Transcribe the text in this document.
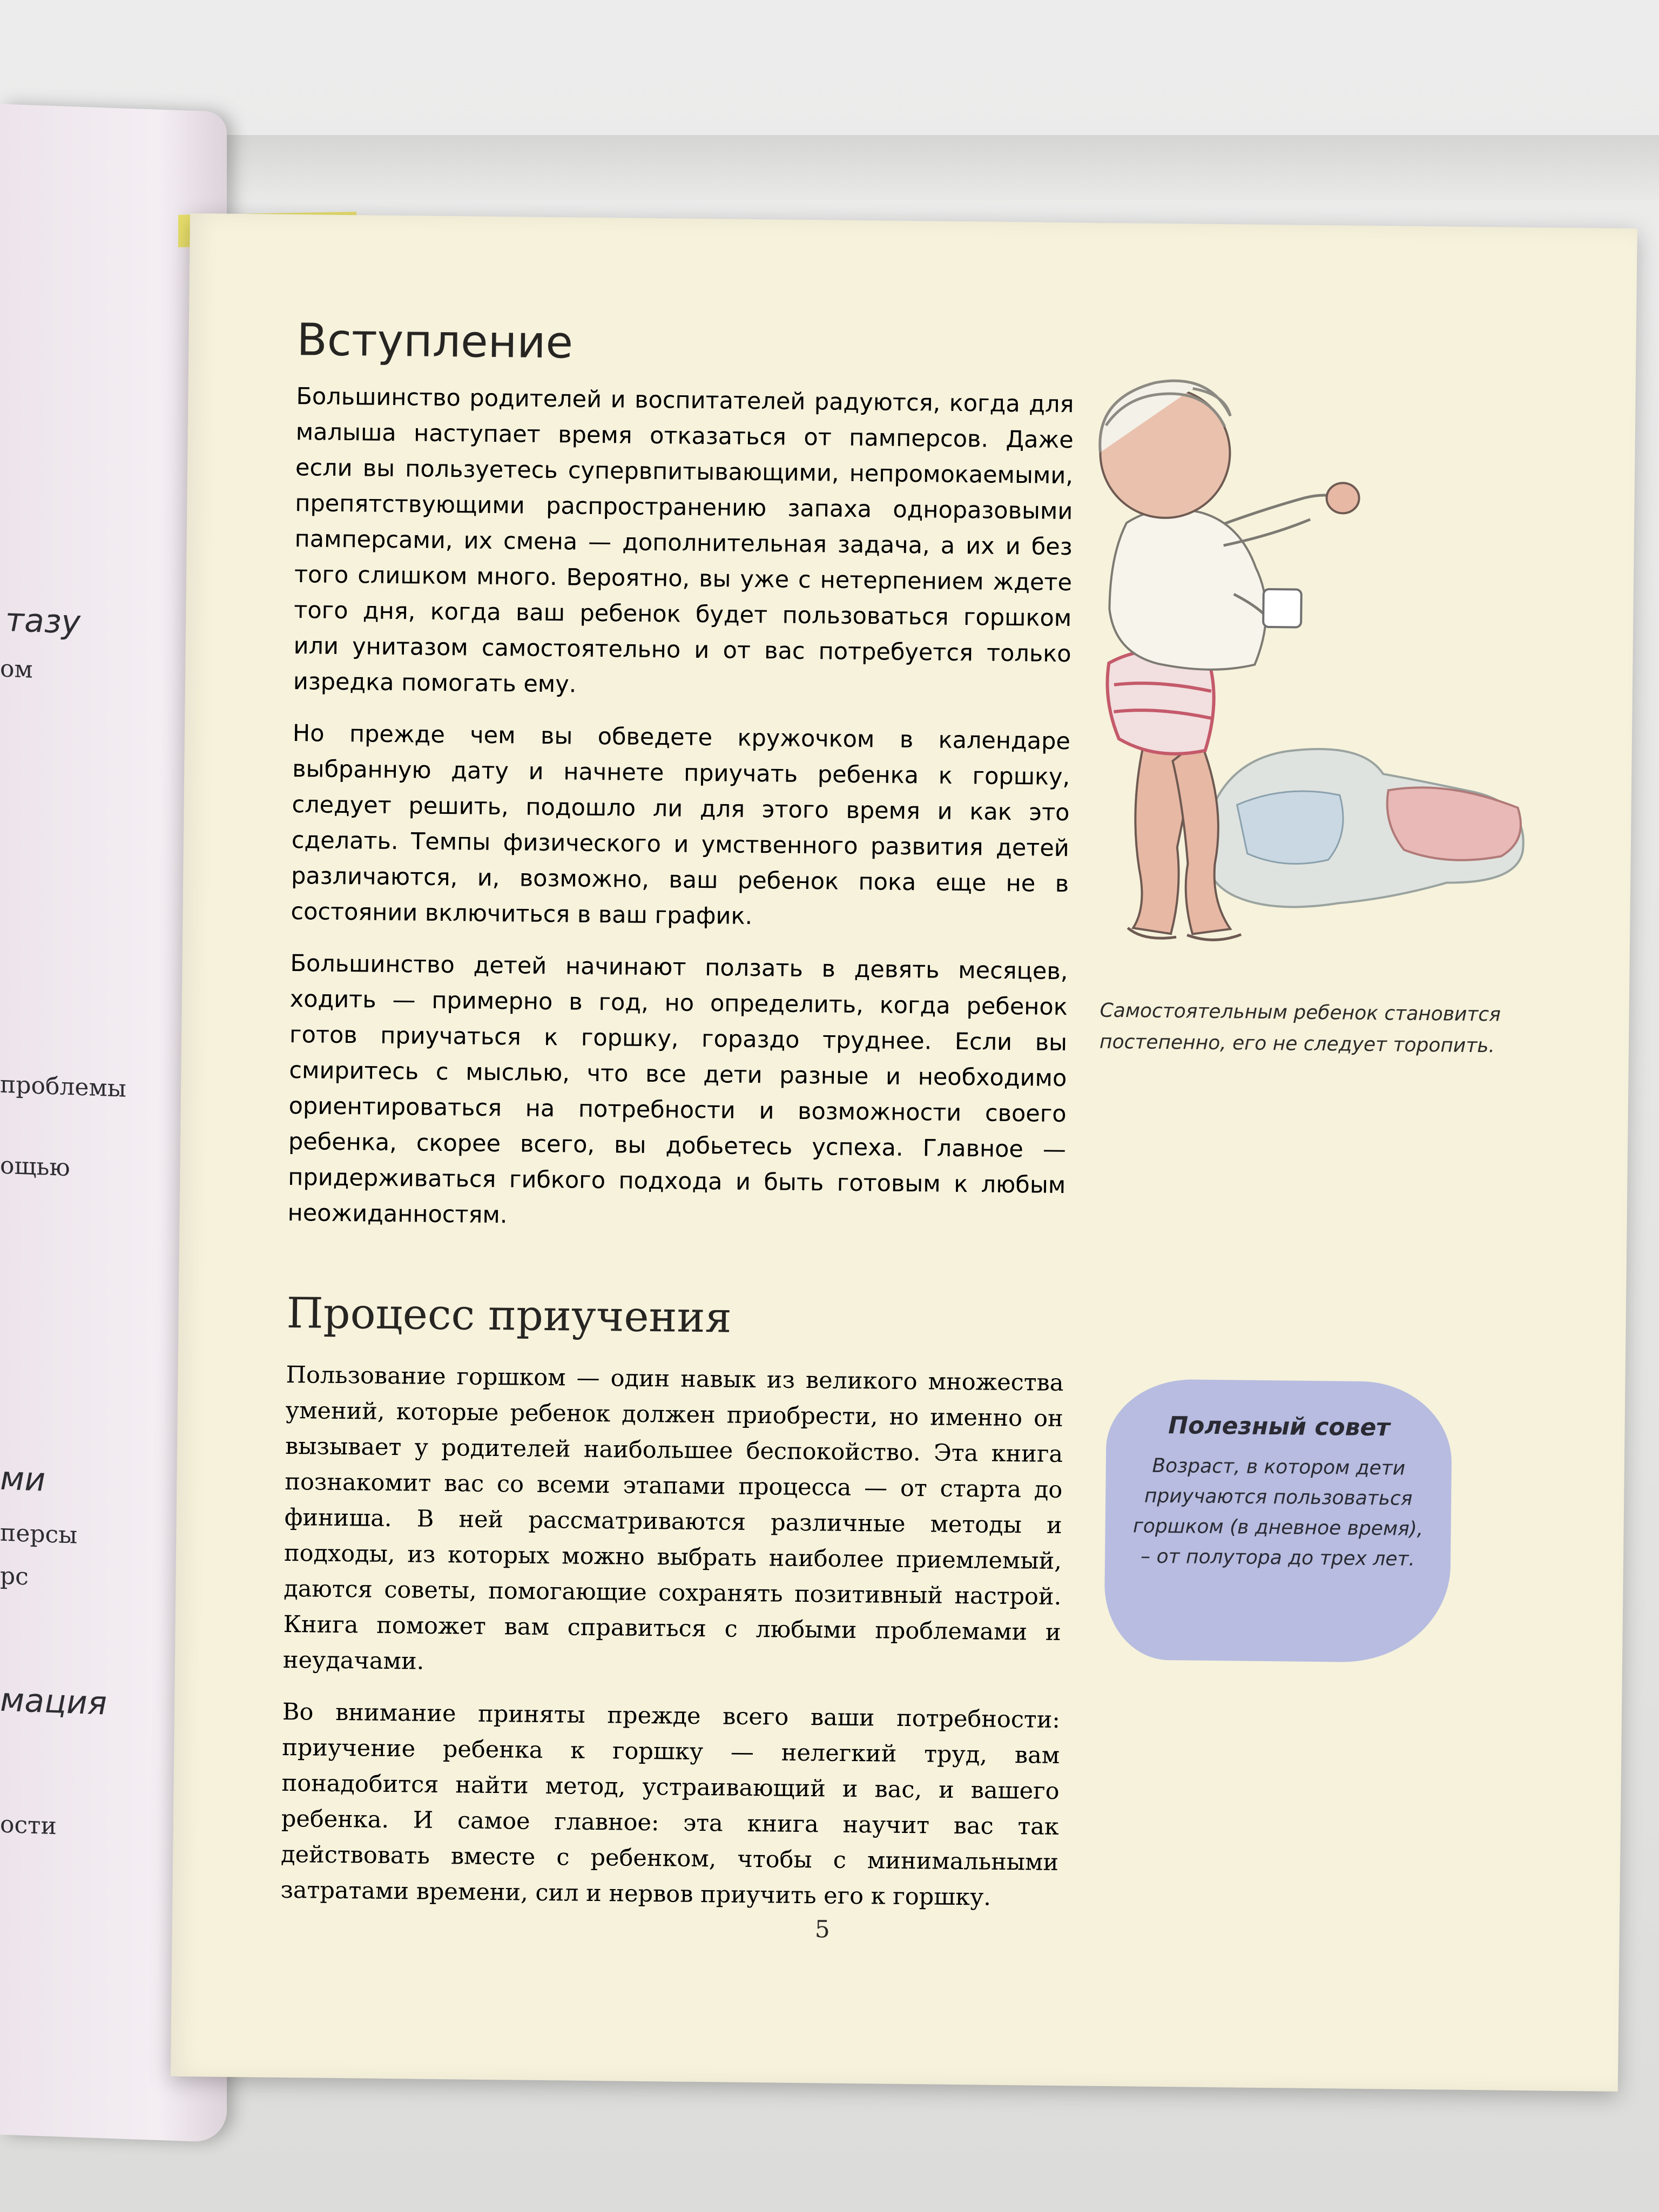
тазу
ом
проблемы
ощью
ми
персы
рс
мация
ости
Вступление

Большинство родителей и воспитателей радуются, когда для малыша наступает время отказаться от памперсов. Даже если вы пользуетесь супервпитывающими, непромокаемыми, препятствующими распространению запаха одноразовыми памперсами, их смена — дополнительная задача, а их и без того слишком много. Вероятно, вы уже с нетерпением ждете того дня, когда ваш ребенок будет пользоваться горшком или унитазом самостоятельно и от вас потребуется только изредка помогать ему.

Но прежде чем вы обведете кружочком в календаре выбранную дату и начнете приучать ребенка к горшку, следует решить, подошло ли для этого время и как это сделать. Темпы физического и умственного развития детей различаются, и, возможно, ваш ребенок пока еще не в состоянии включиться в ваш график.

Большинство детей начинают ползать в девять месяцев, ходить — примерно в год, но определить, когда ребенок готов приучаться к горшку, гораздо труднее. Если вы смиритесь с мыслью, что все дети разные и необходимо ориентироваться на потребности и возможности своего ребенка, скорее всего, вы добьетесь успеха. Главное — придерживаться гибкого подхода и быть готовым к любым неожиданностям.

Процесс приучения

Пользование горшком — один навык из великого множества умений, которые ребенок должен приобрести, но именно он вызывает у родителей наибольшее беспокойство. Эта книга познакомит вас со всеми этапами процесса — от старта до финиша. В ней рассматриваются различные методы и подходы, из которых можно выбрать наиболее приемлемый, даются советы, помогающие сохранять позитивный настрой. Книга поможет вам справиться с любыми проблемами и неудачами.

Во внимание приняты прежде всего ваши потребности: приучение ребенка к горшку — нелегкий труд, вам понадобится найти метод, устраивающий и вас, и вашего ребенка. И самое главное: эта книга научит вас так действовать вместе с ребенком, чтобы с минимальными затратами времени, сил и нервов приучить его к горшку.

Самостоятельным ребенок становится постепенно, его не следует торопить.
Полезный совет
Возраст, в котором дети приучаются пользоваться горшком (в дневное время), – от полутора до трех лет.
5
